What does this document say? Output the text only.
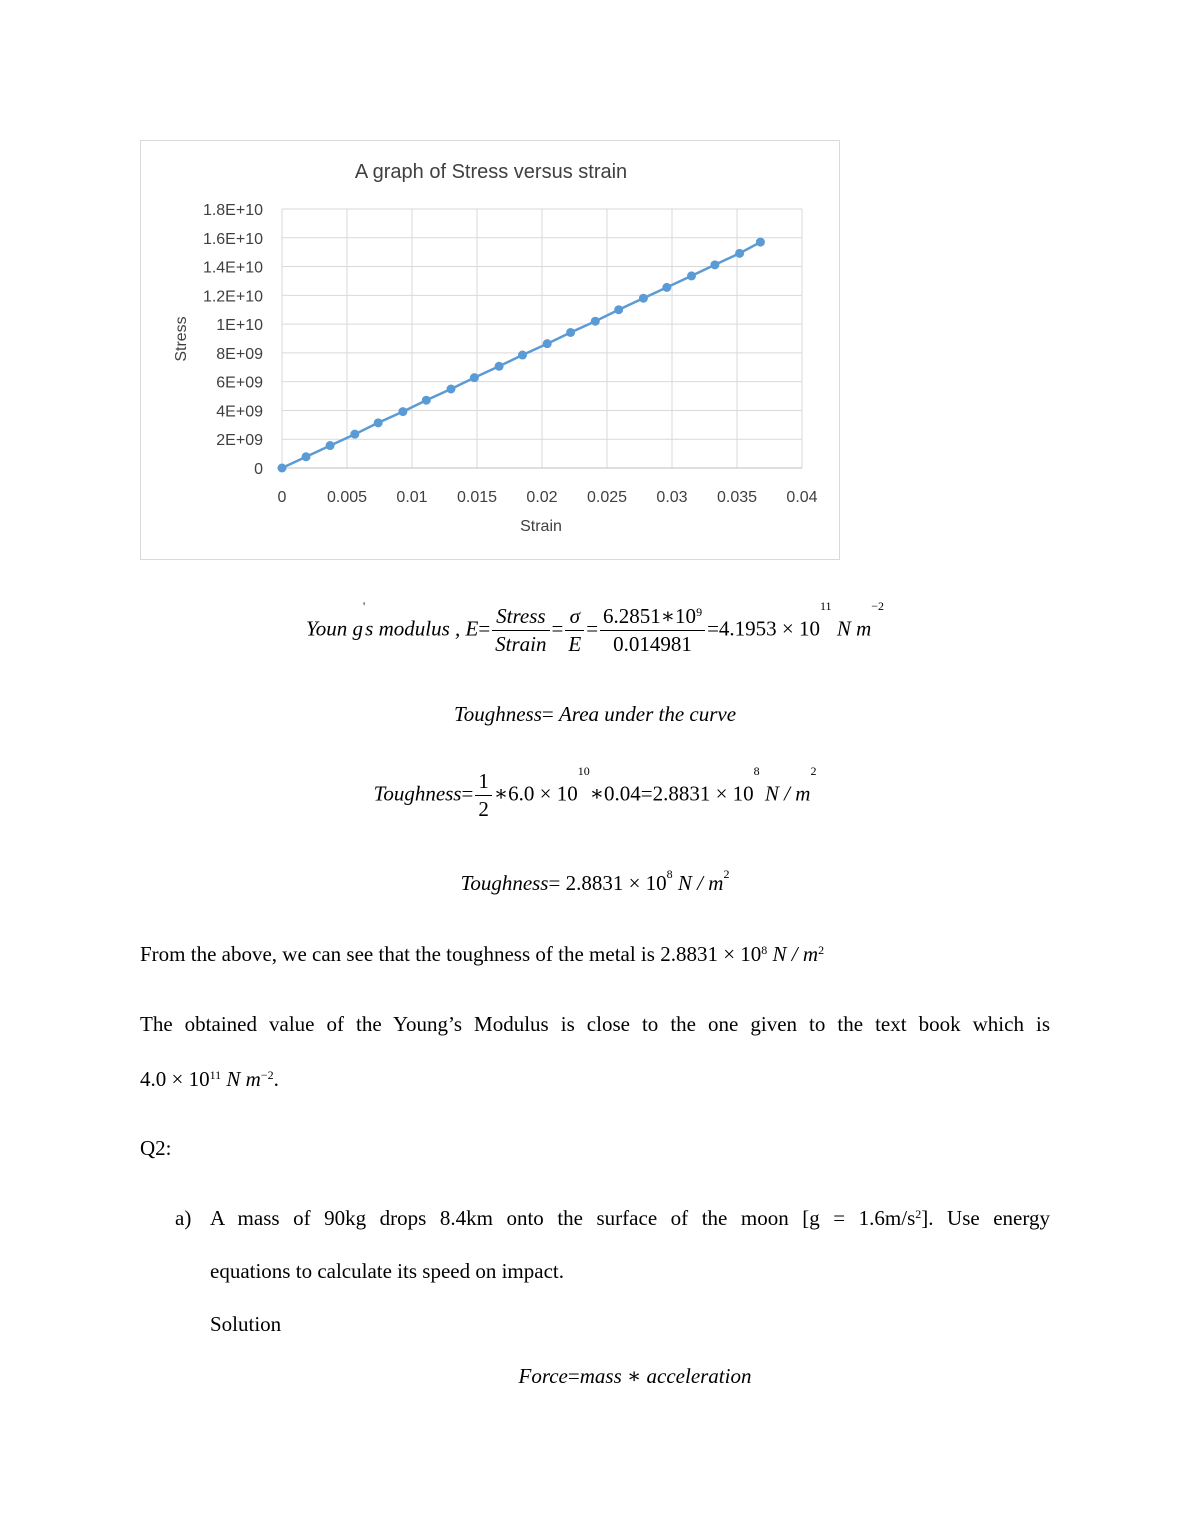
A graph of Stress versus strain
0
2E+09
4E+09
6E+09
8E+09
1E+10
1.2E+10
1.4E+10
1.6E+10
1.8E+10
0	0.005 0.01 0.015 0.02 0.025 0.03 0.035 0.04
Strain
Stress
Youn g's modulus , $E= \frac{\text{Stress}}{\text{Strain}} = \frac{\sigma}{E} = \frac{6.2851∗10^9}{0.014981} =4.1953 \times 10^{11}$ N $m^{-2}$
Toughness= Area under the curve
Toughness= $\frac{1}{2}$ ∗6.0 × $10^{10}∗0.04=2.8831 \times 10^8$ N / $m^2$
Toughness= $2.8831 \times 10^8$ N / $m^2$
From the above, we can see that the toughness of the metal is $2.8831 \times 10^8$ N / $m^2$
The obtained value of the Young’s Modulus is close to the one given to the text book which is
$4.0 \times 10^{11}$ N $m^{-2}$.
Q2:
a) A mass of 90kg drops 8.4km onto the surface of the moon $[g = 1.6m/s^2]$. Use energy
equations to calculate its speed on impact.
Solution
Force=mass ∗ acceleration
